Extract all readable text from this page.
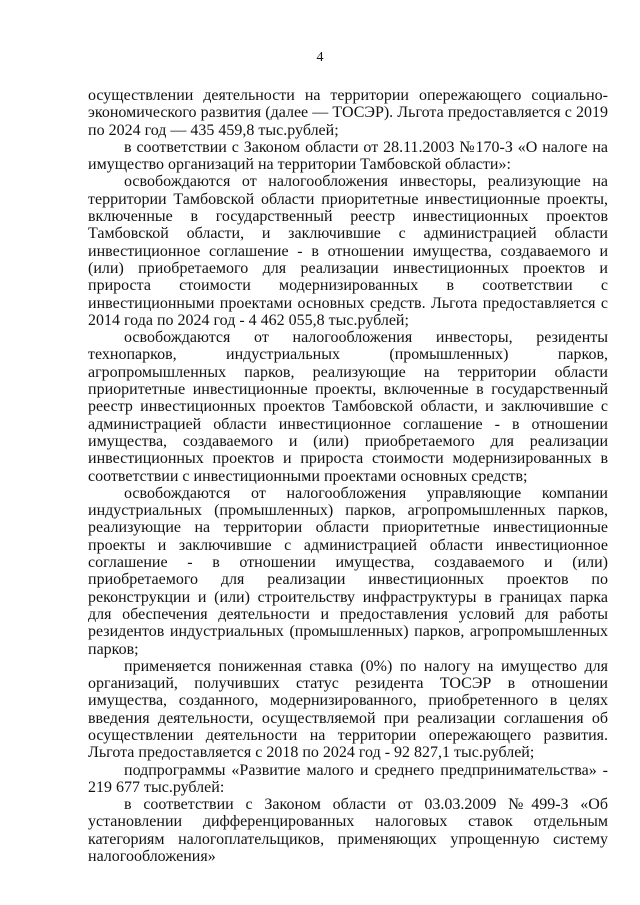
4

осуществлении деятельности на территории опережающего социально-экономического развития (далее — ТОСЭР). Льгота предоставляется с 2019 по 2024 год — 435 459,8 тыс.рублей;

в соответствии с Законом области от 28.11.2003 №170-З «О налоге на имущество организаций на территории Тамбовской области»:

освобождаются от налогообложения инвесторы, реализующие на территории Тамбовской области приоритетные инвестиционные проекты, включенные в государственный реестр инвестиционных проектов Тамбовской области, и заключившие с администрацией области инвестиционное соглашение - в отношении имущества, создаваемого и (или) приобретаемого для реализации инвестиционных проектов и прироста стоимости модернизированных в соответствии с инвестиционными проектами основных средств. Льгота предоставляется с 2014 года по 2024 год - 4 462 055,8 тыс.рублей;

освобождаются от налогообложения инвесторы, резиденты технопарков, индустриальных (промышленных) парков, агропромышленных парков, реализующие на территории области приоритетные инвестиционные проекты, включенные в государственный реестр инвестиционных проектов Тамбовской области, и заключившие с администрацией области инвестиционное соглашение - в отношении имущества, создаваемого и (или) приобретаемого для реализации инвестиционных проектов и прироста стоимости модернизированных в соответствии с инвестиционными проектами основных средств;

освобождаются от налогообложения управляющие компании индустриальных (промышленных) парков, агропромышленных парков, реализующие на территории области приоритетные инвестиционные проекты и заключившие с администрацией области инвестиционное соглашение - в отношении имущества, создаваемого и (или) приобретаемого для реализации инвестиционных проектов по реконструкции и (или) строительству инфраструктуры в границах парка для обеспечения деятельности и предоставления условий для работы резидентов индустриальных (промышленных) парков, агропромышленных парков;

применяется пониженная ставка (0%) по налогу на имущество для организаций, получивших статус резидента ТОСЭР в отношении имущества, созданного, модернизированного, приобретенного в целях введения деятельности, осуществляемой при реализации соглашения об осуществлении деятельности на территории опережающего развития. Льгота предоставляется с 2018 по 2024 год - 92 827,1 тыс.рублей;

подпрограммы «Развитие малого и среднего предпринимательства» - 219 677 тыс.рублей:

в соответствии с Законом области от 03.03.2009 №499-З «Об установлении дифференцированных налоговых ставок отдельным категориям налогоплательщиков, применяющих упрощенную систему налогообложения»
